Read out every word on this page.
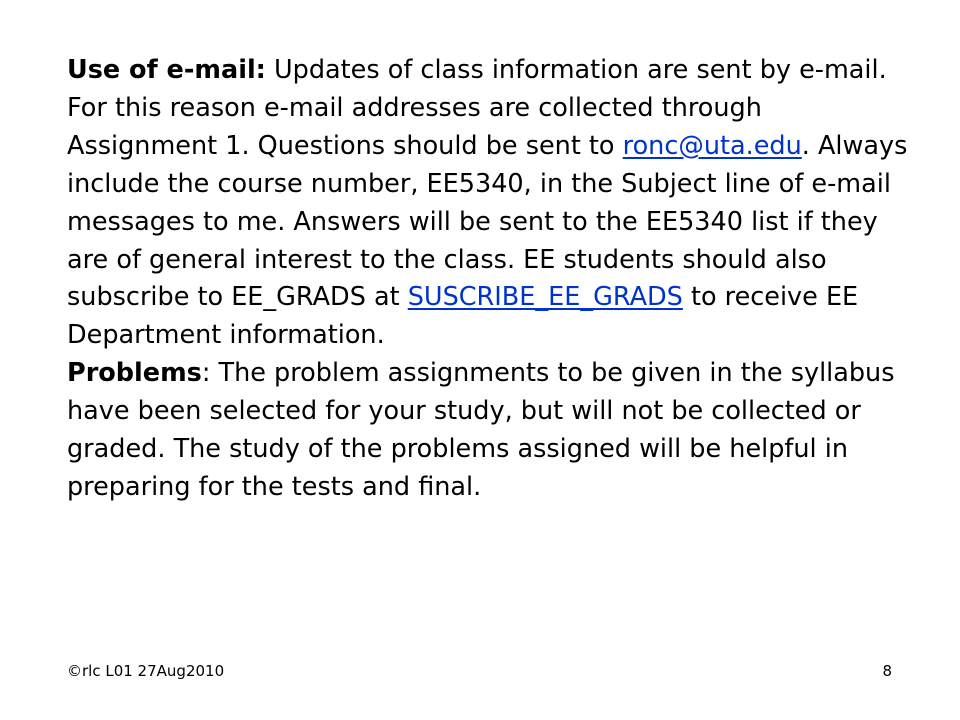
Use of e-mail: Updates of class information are sent by e-mail. For this reason e-mail addresses are collected through Assignment 1. Questions should be sent to ronc@uta.edu. Always include the course number, EE5340, in the Subject line of e-mail messages to me. Answers will be sent to the EE5340 list if they are of general interest to the class. EE students should also subscribe to EE_GRADS at SUSCRIBE_EE_GRADS to receive EE Department information.

Problems: The problem assignments to be given in the syllabus have been selected for your study, but will not be collected or graded. The study of the problems assigned will be helpful in preparing for the tests and final.

©rlc L01 27Aug2010	8
